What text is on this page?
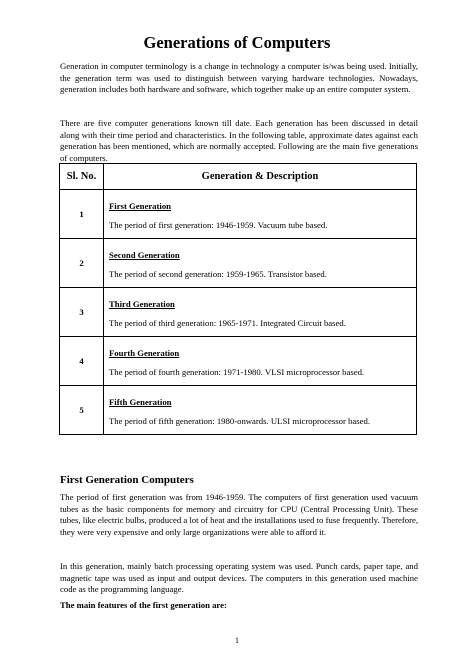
Generations of Computers

Generation in computer terminology is a change in technology a computer is/was being used. Initially, the generation term was used to distinguish between varying hardware technologies. Nowadays, generation includes both hardware and software, which together make up an entire computer system.

There are five computer generations known till date. Each generation has been discussed in detail along with their time period and characteristics. In the following table, approximate dates against each generation has been mentioned, which are normally accepted. Following are the main five generations of computers.

Sl. No.	Generation & Description
1	First Generation
The period of first generation: 1946-1959. Vacuum tube based.

2	Second Generation
The period of second generation: 1959-1965. Transistor based.

3	Third Generation
The period of third generation: 1965-1971. Integrated Circuit based.

4	Fourth Generation
The period of fourth generation: 1971-1980. VLSI microprocessor based.

5	Fifth Generation
The period of fifth generation: 1980-onwards. ULSI microprocessor based.
First Generation Computers

The period of first generation was from 1946-1959. The computers of first generation used vacuum tubes as the basic components for memory and circuitry for CPU (Central Processing Unit). These tubes, like electric bulbs, produced a lot of heat and the installations used to fuse frequently. Therefore, they were very expensive and only large organizations were able to afford it.

In this generation, mainly batch processing operating system was used. Punch cards, paper tape, and magnetic tape was used as input and output devices. The computers in this generation used machine code as the programming language.

The main features of the first generation are:

1
